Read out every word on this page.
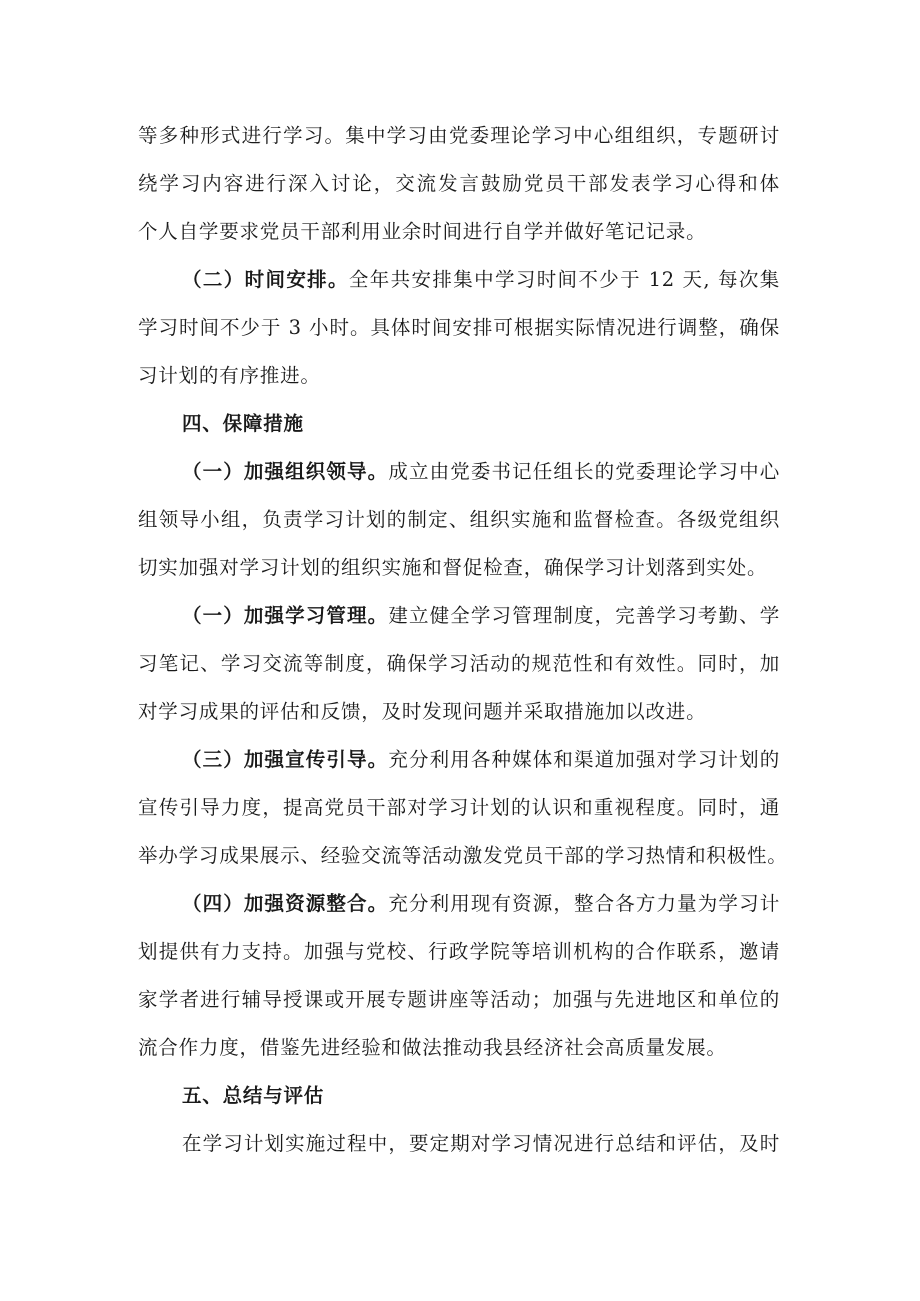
等多种形式进行学习。集中学习由党委理论学习中心组组织，专题研讨
绕学习内容进行深入讨论，交流发言鼓励党员干部发表学习心得和体
个人自学要求党员干部利用业余时间进行自学并做好笔记记录。
（二）时间安排。全年共安排集中学习时间不少于 12 天, 每次集
学习时间不少于 3 小时。具体时间安排可根据实际情况进行调整，确保
习计划的有序推进。
四、保障措施
（一）加强组织领导。成立由党委书记任组长的党委理论学习中心
组领导小组，负责学习计划的制定、组织实施和监督检查。各级党组织
切实加强对学习计划的组织实施和督促检查，确保学习计划落到实处。
（一）加强学习管理。建立健全学习管理制度，完善学习考勤、学
习笔记、学习交流等制度，确保学习活动的规范性和有效性。同时，加
对学习成果的评估和反馈，及时发现问题并采取措施加以改进。
（三）加强宣传引导。充分利用各种媒体和渠道加强对学习计划的
宣传引导力度，提高党员干部对学习计划的认识和重视程度。同时，通
举办学习成果展示、经验交流等活动激发党员干部的学习热情和积极性。
（四）加强资源整合。充分利用现有资源，整合各方力量为学习计
划提供有力支持。加强与党校、行政学院等培训机构的合作联系，邀请
家学者进行辅导授课或开展专题讲座等活动；加强与先进地区和单位的
流合作力度，借鉴先进经验和做法推动我县经济社会高质量发展。
五、总结与评估
在学习计划实施过程中，要定期对学习情况进行总结和评估，及时
